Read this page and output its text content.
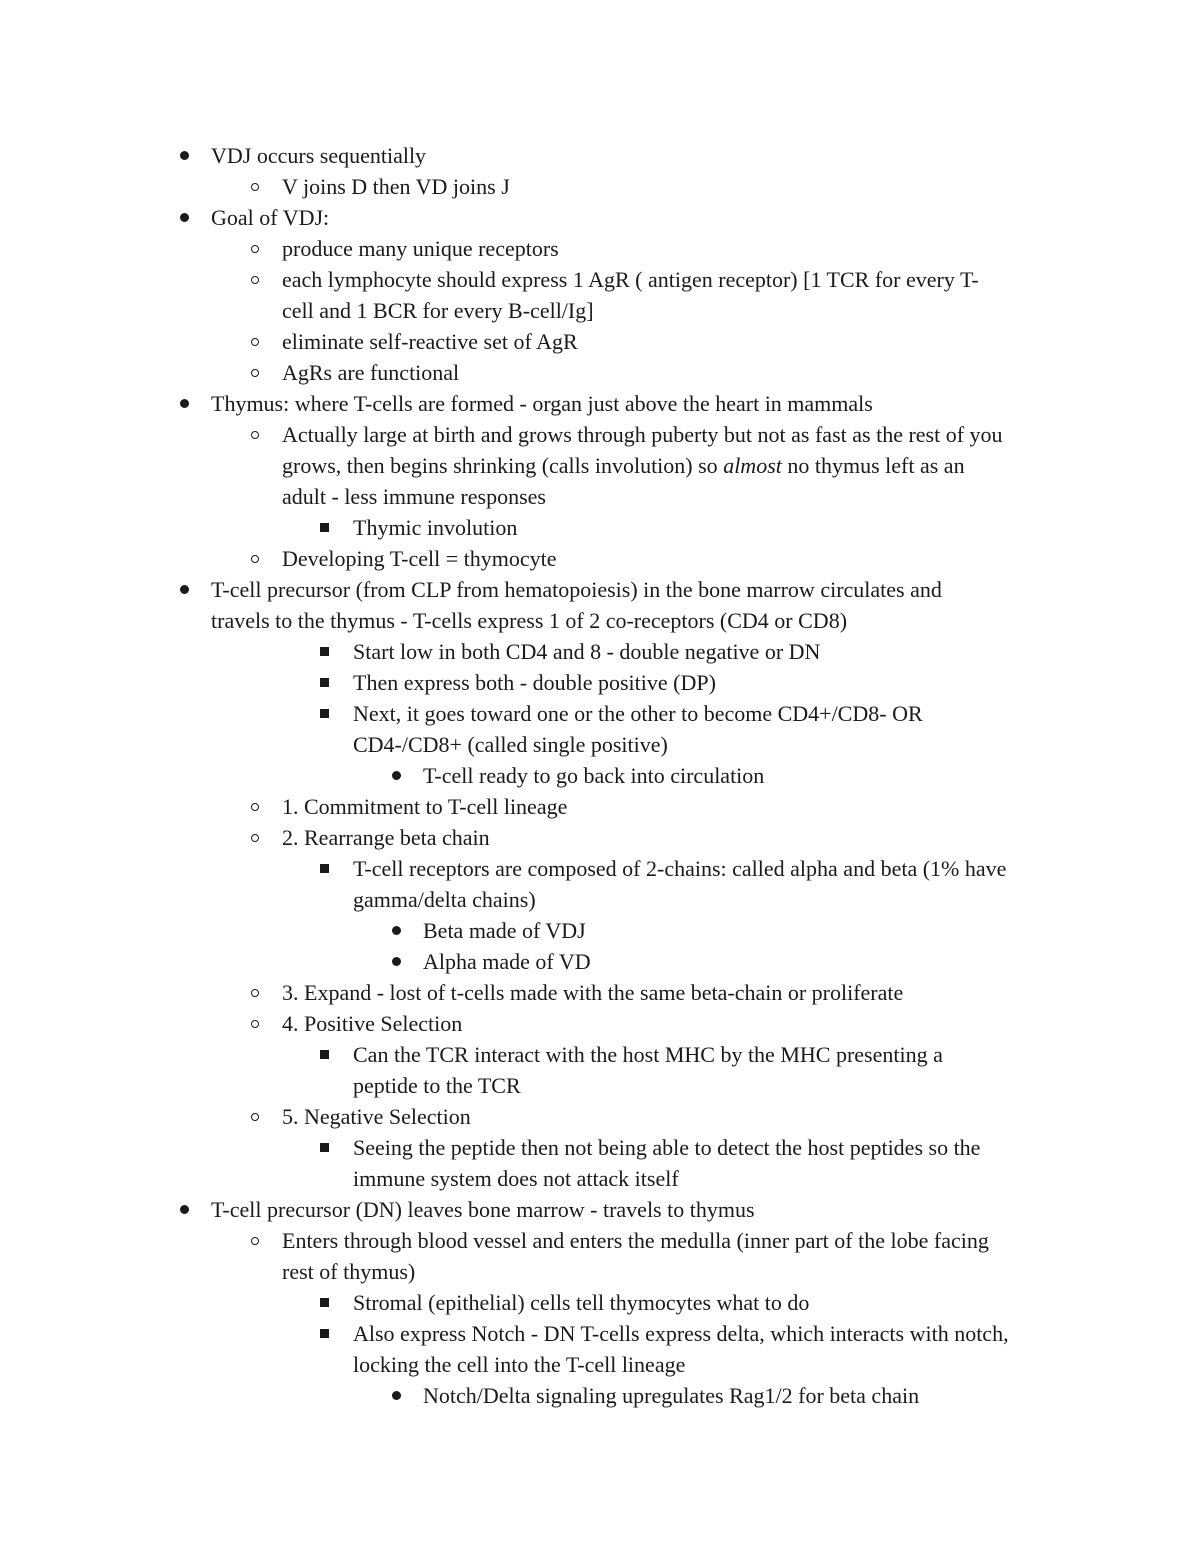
VDJ occurs sequentially
V joins D then VD joins J
Goal of VDJ:
produce many unique receptors
each lymphocyte should express 1 AgR ( antigen receptor) [1 TCR for every T-
cell and 1 BCR for every B-cell/Ig]
eliminate self-reactive set of AgR
AgRs are functional
Thymus: where T-cells are formed - organ just above the heart in mammals
Actually large at birth and grows through puberty but not as fast as the rest of you
grows, then begins shrinking (calls involution) so almost no thymus left as an
adult - less immune responses
Thymic involution
Developing T-cell = thymocyte
T-cell precursor (from CLP from hematopoiesis) in the bone marrow circulates and
travels to the thymus - T-cells express 1 of 2 co-receptors (CD4 or CD8)
Start low in both CD4 and 8 - double negative or DN
Then express both - double positive (DP)
Next, it goes toward one or the other to become CD4+/CD8- OR
CD4-/CD8+ (called single positive)
T-cell ready to go back into circulation
1. Commitment to T-cell lineage
2. Rearrange beta chain
T-cell receptors are composed of 2-chains: called alpha and beta (1% have
gamma/delta chains)
Beta made of VDJ
Alpha made of VD
3. Expand - lost of t-cells made with the same beta-chain or proliferate
4. Positive Selection
Can the TCR interact with the host MHC by the MHC presenting a
peptide to the TCR
5. Negative Selection
Seeing the peptide then not being able to detect the host peptides so the
immune system does not attack itself
T-cell precursor (DN) leaves bone marrow - travels to thymus
Enters through blood vessel and enters the medulla (inner part of the lobe facing
rest of thymus)
Stromal (epithelial) cells tell thymocytes what to do
Also express Notch - DN T-cells express delta, which interacts with notch,
locking the cell into the T-cell lineage
Notch/Delta signaling upregulates Rag1/2 for beta chain
